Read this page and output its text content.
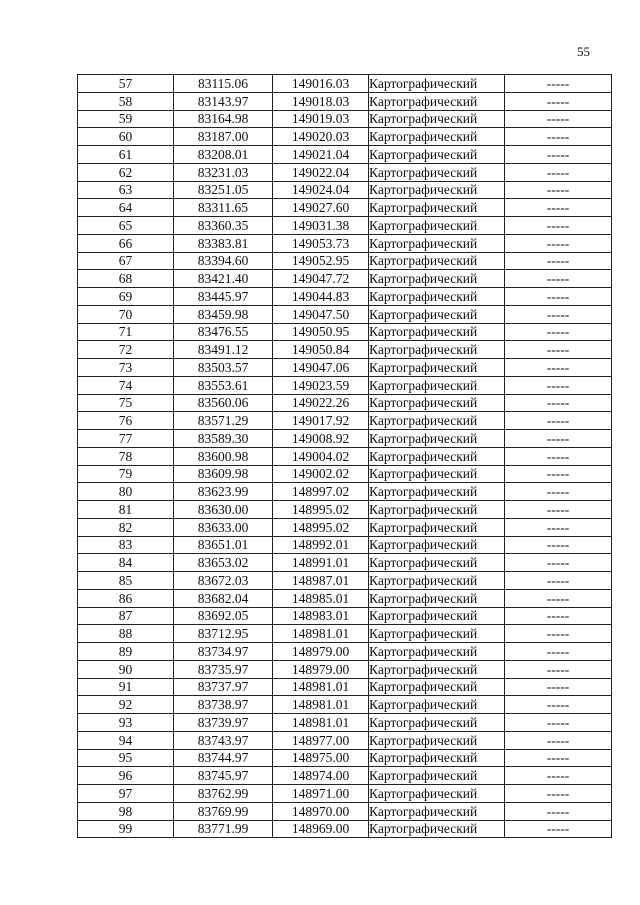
55
57	83115.06	149016.03	Картографический	-----
58	83143.97	149018.03	Картографический	-----
59	83164.98	149019.03	Картографический	-----
60	83187.00	149020.03	Картографический	-----
61	83208.01	149021.04	Картографический	-----
62	83231.03	149022.04	Картографический	-----
63	83251.05	149024.04	Картографический	-----
64	83311.65	149027.60	Картографический	-----
65	83360.35	149031.38	Картографический	-----
66	83383.81	149053.73	Картографический	-----
67	83394.60	149052.95	Картографический	-----
68	83421.40	149047.72	Картографический	-----
69	83445.97	149044.83	Картографический	-----
70	83459.98	149047.50	Картографический	-----
71	83476.55	149050.95	Картографический	-----
72	83491.12	149050.84	Картографический	-----
73	83503.57	149047.06	Картографический	-----
74	83553.61	149023.59	Картографический	-----
75	83560.06	149022.26	Картографический	-----
76	83571.29	149017.92	Картографический	-----
77	83589.30	149008.92	Картографический	-----
78	83600.98	149004.02	Картографический	-----
79	83609.98	149002.02	Картографический	-----
80	83623.99	148997.02	Картографический	-----
81	83630.00	148995.02	Картографический	-----
82	83633.00	148995.02	Картографический	-----
83	83651.01	148992.01	Картографический	-----
84	83653.02	148991.01	Картографический	-----
85	83672.03	148987.01	Картографический	-----
86	83682.04	148985.01	Картографический	-----
87	83692.05	148983.01	Картографический	-----
88	83712.95	148981.01	Картографический	-----
89	83734.97	148979.00	Картографический	-----
90	83735.97	148979.00	Картографический	-----
91	83737.97	148981.01	Картографический	-----
92	83738.97	148981.01	Картографический	-----
93	83739.97	148981.01	Картографический	-----
94	83743.97	148977.00	Картографический	-----
95	83744.97	148975.00	Картографический	-----
96	83745.97	148974.00	Картографический	-----
97	83762.99	148971.00	Картографический	-----
98	83769.99	148970.00	Картографический	-----
99	83771.99	148969.00	Картографический	-----
